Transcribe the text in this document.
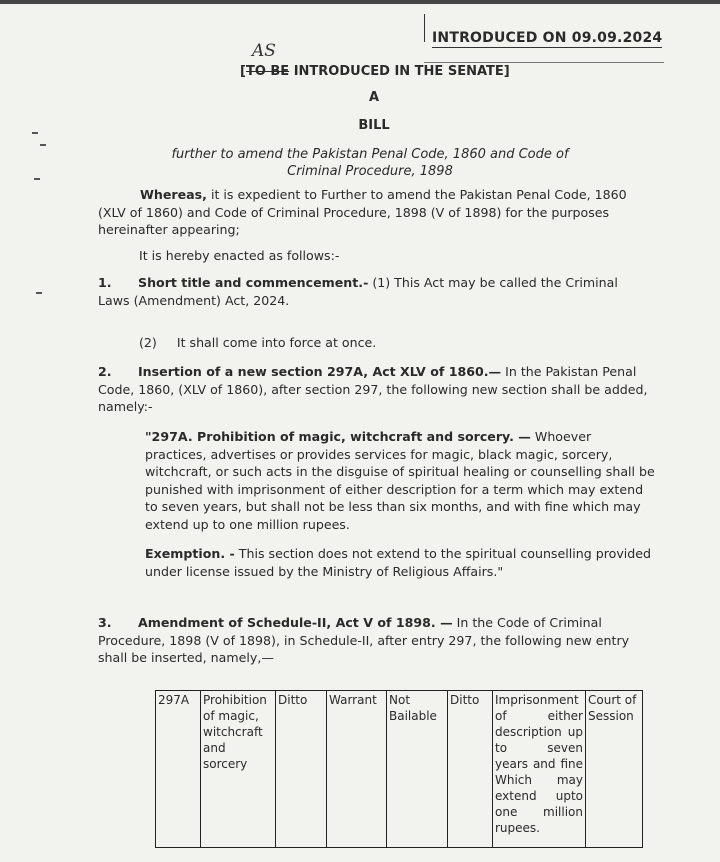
INTRODUCED ON 09.09.2024
AS
[TO BE INTRODUCED IN THE SENATE]
A
BILL
further to amend the Pakistan Penal Code, 1860 and Code of Criminal Procedure, 1898
Whereas, it is expedient to Further to amend the Pakistan Penal Code, 1860 (XLV of 1860) and Code of Criminal Procedure, 1898 (V of 1898) for the purposes hereinafter appearing;
It is hereby enacted as follows:-
1. Short title and commencement.- (1) This Act may be called the Criminal Laws (Amendment) Act, 2024.
(2)     It shall come into force at once.
2. Insertion of a new section 297A, Act XLV of 1860.— In the Pakistan Penal Code, 1860, (XLV of 1860), after section 297, the following new section shall be added, namely:-
"297A. Prohibition of magic, witchcraft and sorcery. — Whoever practices, advertises or provides services for magic, black magic, sorcery, witchcraft, or such acts in the disguise of spiritual healing or counselling shall be punished with imprisonment of either description for a term which may extend to seven years, but shall not be less than six months, and with fine which may extend up to one million rupees.
Exemption. - This section does not extend to the spiritual counselling provided under license issued by the Ministry of Religious Affairs."
3. Amendment of Schedule-II, Act V of 1898. — In the Code of Criminal Procedure, 1898 (V of 1898), in Schedule-II, after entry 297, the following new entry shall be inserted, namely,—
297A	Prohibition of magic, witchcraft and sorcery	Ditto	Warrant	Not Bailable	Ditto	Imprisonment of either description up to seven years and fine Which may extend upto one million rupees.	Court of Session
